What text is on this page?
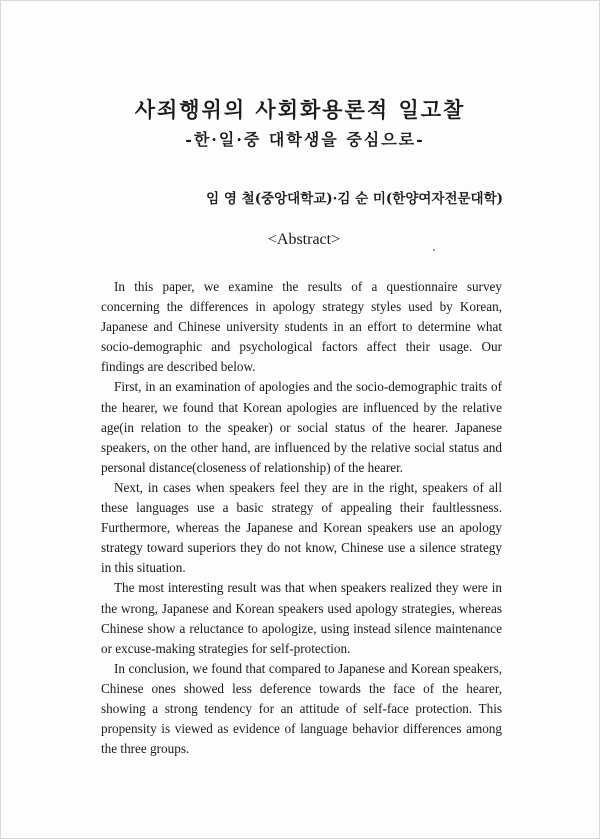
사죄행위의 사회화용론적 일고찰
-한·일·중 대학생을 중심으로-
임 영 철(중앙대학교)·김 순 미(한양여자전문대학)
<Abstract>

In this paper, we examine the results of a questionnaire survey concerning the differences in apology strategy styles used by Korean, Japanese and Chinese university students in an effort to determine what socio-demographic and psychological factors affect their usage. Our findings are described below.

First, in an examination of apologies and the socio-demographic traits of the hearer, we found that Korean apologies are influenced by the relative age(in relation to the speaker) or social status of the hearer. Japanese speakers, on the other hand, are influenced by the relative social status and personal distance(closeness of relationship) of the hearer.

Next, in cases when speakers feel they are in the right, speakers of all these languages use a basic strategy of appealing their faultlessness. Furthermore, whereas the Japanese and Korean speakers use an apology strategy toward superiors they do not know, Chinese use a silence strategy in this situation.

The most interesting result was that when speakers realized they were in the wrong, Japanese and Korean speakers used apology strategies, whereas Chinese show a reluctance to apologize, using instead silence maintenance or excuse-making strategies for self-protection.

In conclusion, we found that compared to Japanese and Korean speakers, Chinese ones showed less deference towards the face of the hearer, showing a strong tendency for an attitude of self-face protection. This propensity is viewed as evidence of language behavior differences among the three groups.
